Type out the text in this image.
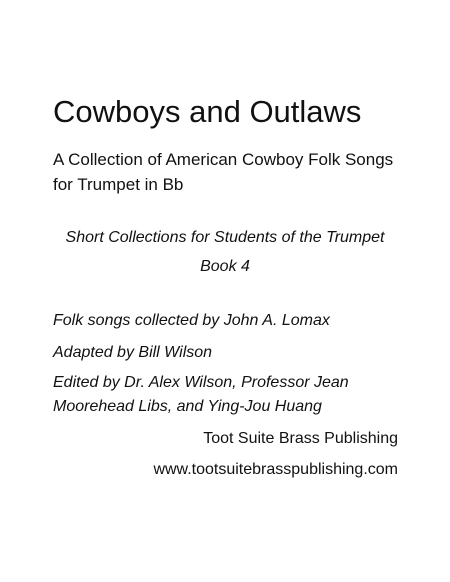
Cowboys and Outlaws
A Collection of American Cowboy Folk Songs
for Trumpet in Bb
Short Collections for Students of the Trumpet
Book 4
Folk songs collected by John A. Lomax
Adapted by Bill Wilson
Edited by Dr. Alex Wilson, Professor Jean
Moorehead Libs, and Ying-Jou Huang
Toot Suite Brass Publishing
www.tootsuitebrasspublishing.com
